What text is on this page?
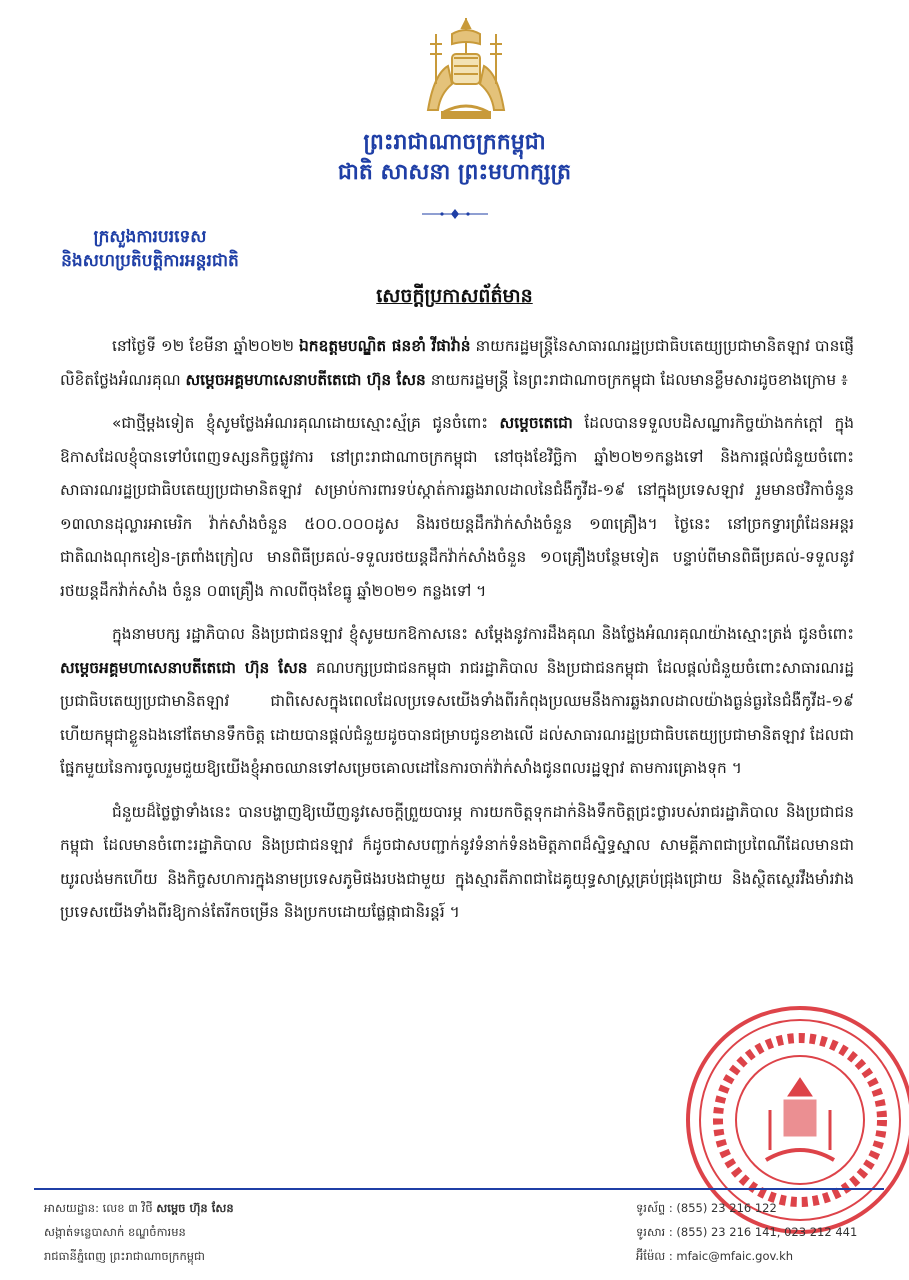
ព្រះរាជាណាចក្រកម្ពុជា
ជាតិ សាសនា ព្រះមហាក្សត្រ
ក្រសួងការបរទេស
និងសហប្រតិបត្តិការអន្តរជាតិ
សេចក្តីប្រកាសព័ត៌មាន

នៅថ្ងៃទី ១២ ខែមីនា ឆ្នាំ២០២២ ឯកឧត្តមបណ្ឌិត ផនខាំ វីផាវ៉ាន់ នាយករដ្ឋមន្ត្រីនៃសាធារណរដ្ឋប្រជាធិបតេយ្យប្រជាមានិតឡាវ បានផ្ញើលិខិតថ្លែងអំណរគុណ សម្តេចអគ្គមហាសេនាបតីតេជោ ហ៊ុន សែន នាយករដ្ឋមន្ត្រី នៃព្រះរាជាណាចក្រកម្ពុជា ដែលមានខ្លឹមសារដូចខាងក្រោម ៖

«ជាថ្មីម្តងទៀត ខ្ញុំសូមថ្លែងអំណរគុណដោយស្មោះស្ម័គ្រ ជូនចំពោះ សម្តេចតេជោ ដែលបានទទួលបដិសណ្ឋារកិច្ចយ៉ាងកក់ក្តៅ ក្នុងឱកាសដែលខ្ញុំបានទៅបំពេញទស្សនកិច្ចផ្លូវការ នៅព្រះរាជាណាចក្រកម្ពុជា នៅចុងខែវិច្ឆិកា ឆ្នាំ២០២១កន្លងទៅ និងការផ្តល់ជំនួយចំពោះសាធារណរដ្ឋប្រជាធិបតេយ្យប្រជាមានិតឡាវ សម្រាប់ការពារទប់ស្កាត់ការឆ្លងរាលដាលនៃជំងឺកូវីដ-១៩ នៅក្នុងប្រទេសឡាវ រួមមានថវិកាចំនួន ១៣លានដុល្លារអាមេរិក វ៉ាក់សាំងចំនួន ៥០០.០០០ដូស និងរថយន្តដឹកវ៉ាក់សាំងចំនួន ១៣គ្រឿង។ ថ្ងៃនេះ នៅច្រកទ្វារព្រំដែនអន្តរជាតិណងណុកខៀន-ត្រពាំងក្រៀល មានពិធីប្រគល់-ទទួលរថយន្តដឹកវ៉ាក់សាំងចំនួន ១០គ្រឿងបន្ថែមទៀត បន្ទាប់ពីមានពិធីប្រគល់-ទទួលនូវរថយន្តដឹកវ៉ាក់សាំង ចំនួន ០៣គ្រឿង កាលពីចុងខែធ្នូ ឆ្នាំ២០២១ កន្លងទៅ ។

ក្នុងនាមបក្ស រដ្ឋាភិបាល និងប្រជាជនឡាវ ខ្ញុំសូមយកឱកាសនេះ សម្តែងនូវការដឹងគុណ និងថ្លែងអំណរគុណយ៉ាងស្មោះត្រង់ ជូនចំពោះ សម្តេចអគ្គមហាសេនាបតីតេជោ ហ៊ុន សែន គណបក្សប្រជាជនកម្ពុជា រាជរដ្ឋាភិបាល និងប្រជាជនកម្ពុជា ដែលផ្តល់ជំនួយចំពោះសាធារណរដ្ឋប្រជាធិបតេយ្យប្រជាមានិតឡាវ ជាពិសេសក្នុងពេលដែលប្រទេសយើងទាំងពីរកំពុងប្រឈមនឹងការឆ្លងរាលដាលយ៉ាងធ្ងន់ធ្ងរនៃជំងឺកូវីដ-១៩ ហើយកម្ពុជាខ្លួនឯងនៅតែមានទឹកចិត្ត ដោយបានផ្តល់ជំនួយដូចបានជម្រាបជូនខាងលើ ដល់សាធារណរដ្ឋប្រជាធិបតេយ្យប្រជាមានិតឡាវ ដែលជាផ្នែកមួយនៃការចូលរួមជួយឱ្យយើងខ្ញុំអាចឈានទៅសម្រេចគោលដៅនៃការចាក់វ៉ាក់សាំងជូនពលរដ្ឋឡាវ តាមការគ្រោងទុក ។

ជំនួយដ៏ថ្លៃថ្លាទាំងនេះ បានបង្ហាញឱ្យឃើញនូវសេចក្តីព្រួយបារម្ភ ការយកចិត្តទុកដាក់និងទឹកចិត្តជ្រះថ្លារបស់រាជរដ្ឋាភិបាល និងប្រជាជនកម្ពុជា ដែលមានចំពោះរដ្ឋាភិបាល និងប្រជាជនឡាវ ក៏ដូចជាសបញ្ជាក់នូវទំនាក់ទំនងមិត្តភាពដ៏ស្និទ្ធស្នាល សាមគ្គីភាពជាប្រពៃណីដែលមានជាយូរលង់មកហើយ និងកិច្ចសហការក្នុងនាមប្រទេសភូមិផងរបងជាមួយ ក្នុងស្មារតីភាពជាដៃគូយុទ្ធសាស្ត្រគ្រប់ជ្រុងជ្រោយ និងស្ថិតស្ថេរវឹងមាំរវាងប្រទេសយើងទាំងពីរឱ្យកាន់តែរីកចម្រើន និងប្រកបដោយផ្លែផ្កាជានិរន្តរ៍ ។

អាសយដ្ឋាន: លេខ ៣ វិថី សម្តេច ហ៊ុន សែន
សង្កាត់ទន្លេបាសាក់ ខណ្ឌចំការមន
រាជធានីភ្នំពេញ ព្រះរាជាណាចក្រកម្ពុជា
ទូរស័ព្ទ : (855) 23 216 122
ទូរសារ : (855) 23 216 141, 023 212 441
អ៊ីម៉ែល : mfaic@mfaic.gov.kh
